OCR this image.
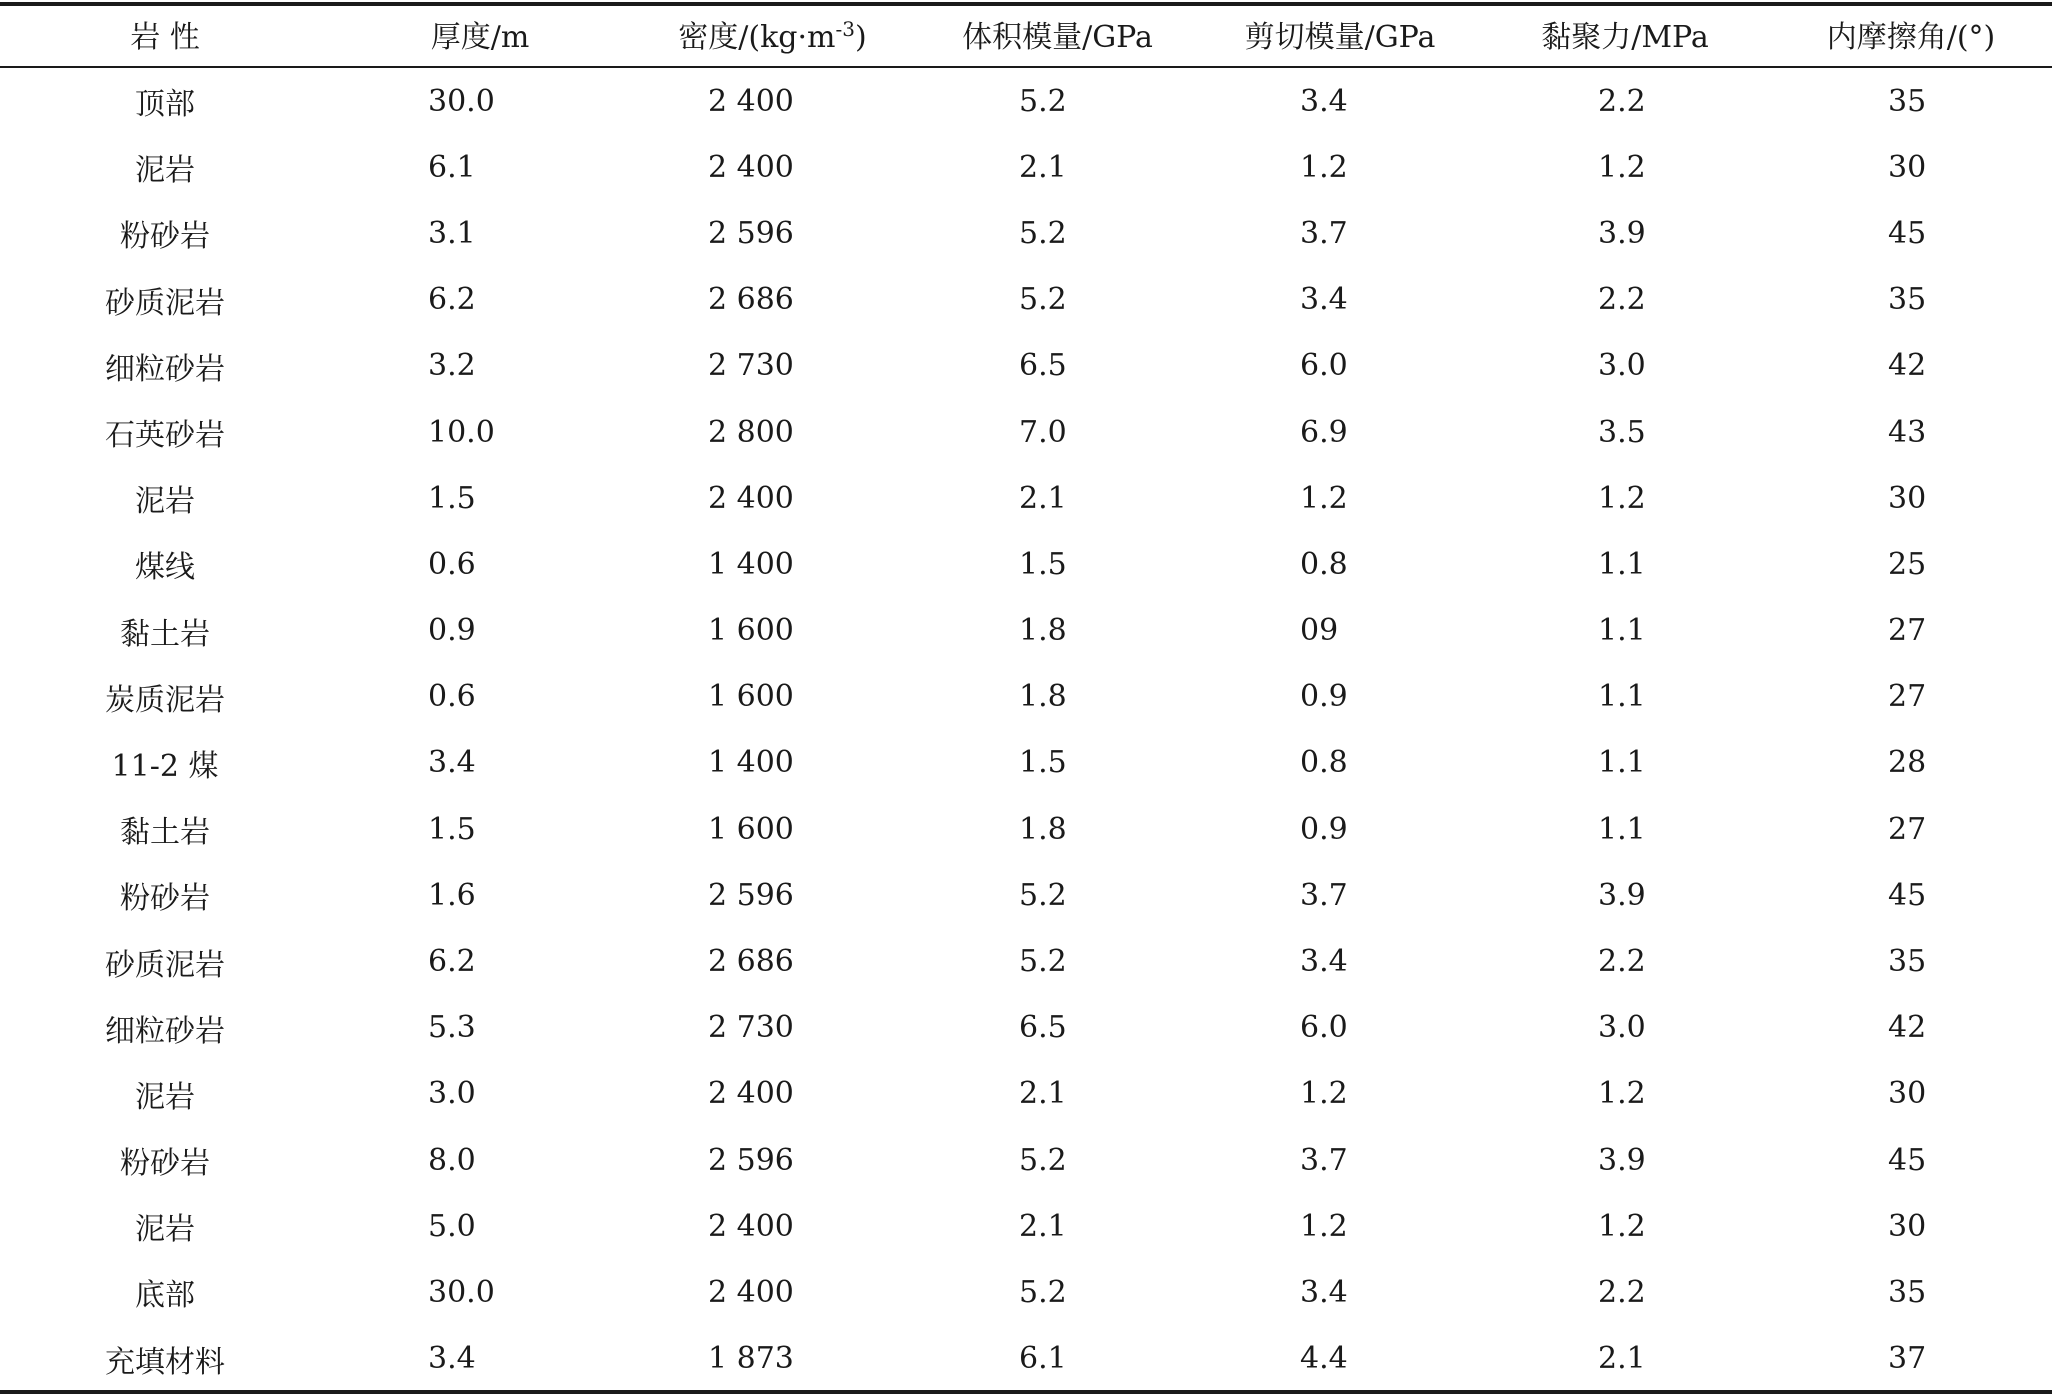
岩 性	厚度/m	密度$/(kg\cdot m^{-3})$	体积模量/GPa	剪切模量/GPa	黏聚力/MPa	内摩擦角/(°)
顶部	30.0	2 400	5.2	3.4	2.2	35
泥岩	6.1	2 400	2.1	1.2	1.2	30
粉砂岩	3.1	2 596	5.2	3.7	3.9	45
砂质泥岩	6.2	2 686	5.2	3.4	2.2	35
细粒砂岩	3.2	2 730	6.5	6.0	3.0	42
石英砂岩	10.0	2 800	7.0	6.9	3.5	43
泥岩	1.5	2 400	2.1	1.2	1.2	30
煤线	0.6	1 400	1.5	0.8	1.1	25
黏土岩	0.9	1 600	1.8	09	1.1	27
炭质泥岩	0.6	1 600	1.8	0.9	1.1	27
11-2 煤	3.4	1 400	1.5	0.8	1.1	28
黏土岩	1.5	1 600	1.8	0.9	1.1	27
粉砂岩	1.6	2 596	5.2	3.7	3.9	45
砂质泥岩	6.2	2 686	5.2	3.4	2.2	35
细粒砂岩	5.3	2 730	6.5	6.0	3.0	42
泥岩	3.0	2 400	2.1	1.2	1.2	30
粉砂岩	8.0	2 596	5.2	3.7	3.9	45
泥岩	5.0	2 400	2.1	1.2	1.2	30
底部	30.0	2 400	5.2	3.4	2.2	35
充填材料	3.4	1 873	6.1	4.4	2.1	37
